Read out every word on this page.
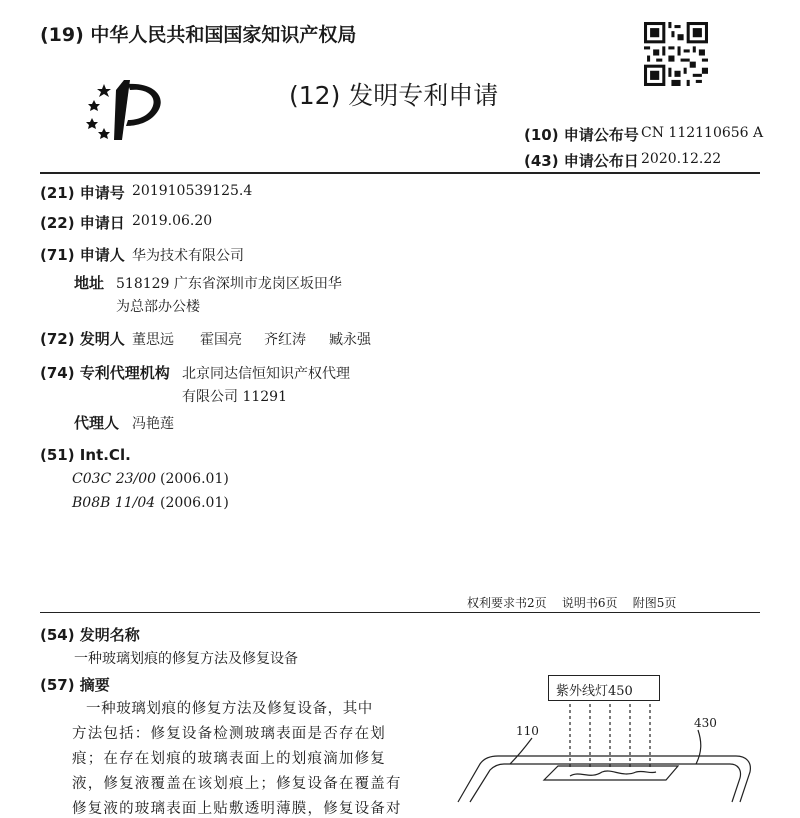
(19) 中华人民共和国国家知识产权局
(12) 发明专利申请
(10) 申请公布号 CN 112110656 A
(43) 申请公布日 2020.12.22
(21) 申请号 201910539125.4
(22) 申请日 2019.06.20
(71) 申请人 华为技术有限公司
地址 518129 广东省深圳市龙岗区坂田华
为总部办公楼
(72) 发明人 董思远 霍国亮 齐红涛 臧永强
(74) 专利代理机构 北京同达信恒知识产权代理
有限公司 11291
代理人 冯艳莲
(51) Int.Cl.
C03C 23/00 (2006.01)
B08B 11/04 (2006.01)
权利要求书2页    说明书6页    附图5页
(54) 发明名称
一种玻璃划痕的修复方法及修复设备
(57) 摘要
一种玻璃划痕的修复方法及修复设备，其中
方法包括：修复设备检测玻璃表面是否存在划
痕；在存在划痕的玻璃表面上的划痕滴加修复
液，修复液覆盖在该划痕上；修复设备在覆盖有
修复液的玻璃表面上贴敷透明薄膜，修复设备对
紫外线灯450
110
430
